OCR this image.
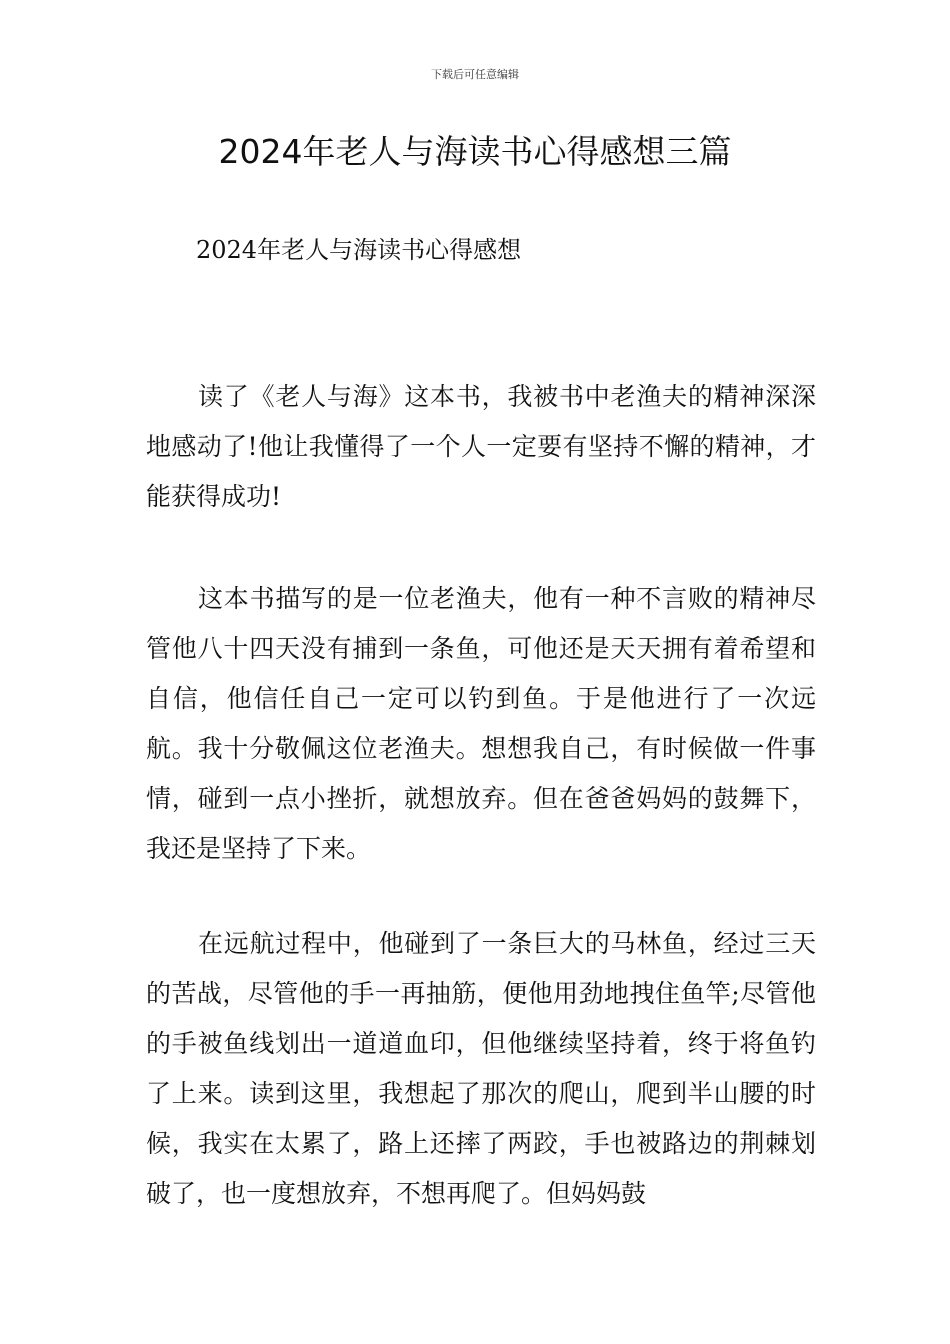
下载后可任意编辑
2024年老人与海读书心得感想三篇
2024年老人与海读书心得感想

读了《老人与海》这本书，我被书中老渔夫的精神深深地感动了!他让我懂得了一个人一定要有坚持不懈的精神，才能获得成功!

这本书描写的是一位老渔夫，他有一种不言败的精神尽管他八十四天没有捕到一条鱼，可他还是天天拥有着希望和自信，他信任自己一定可以钓到鱼。于是他进行了一次远航。我十分敬佩这位老渔夫。想想我自己，有时候做一件事情，碰到一点小挫折，就想放弃。但在爸爸妈妈的鼓舞下，我还是坚持了下来。

在远航过程中，他碰到了一条巨大的马林鱼，经过三天的苦战，尽管他的手一再抽筋，便他用劲地拽住鱼竿;尽管他的手被鱼线划出一道道血印，但他继续坚持着，终于将鱼钓了上来。读到这里，我想起了那次的爬山，爬到半山腰的时候，我实在太累了，路上还摔了两跤，手也被路边的荆棘划破了，也一度想放弃，不想再爬了。但妈妈鼓
